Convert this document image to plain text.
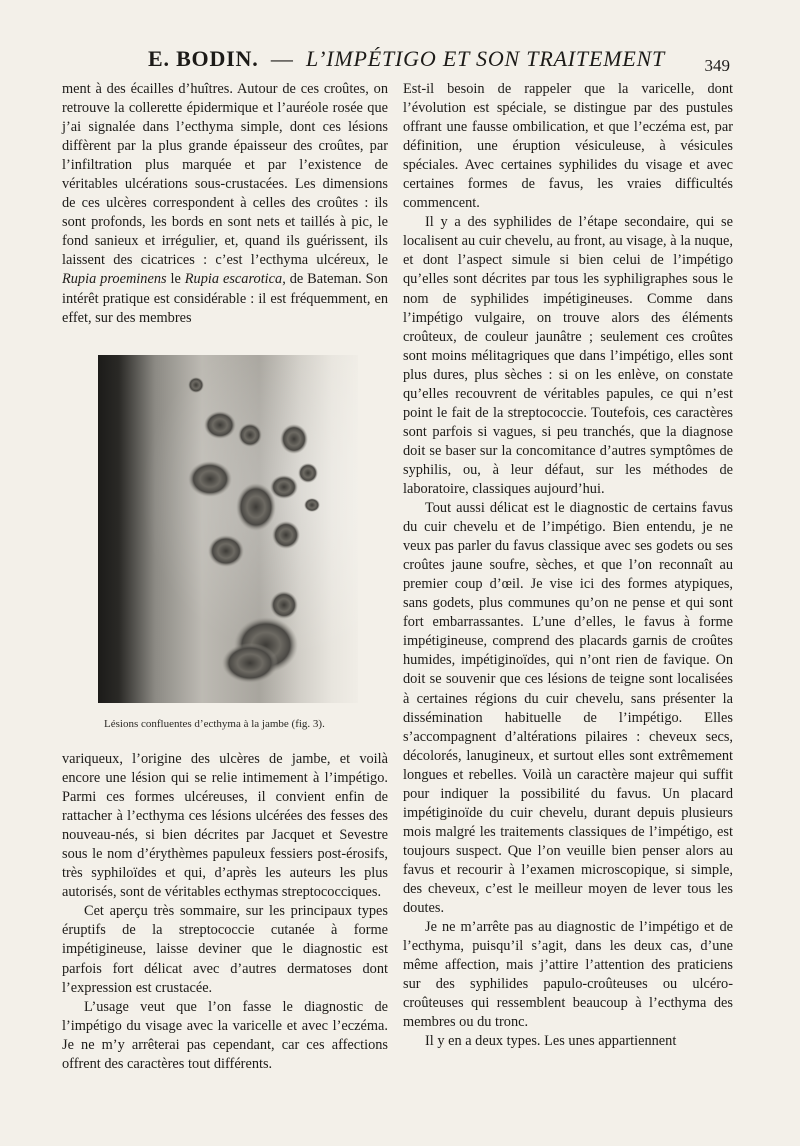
E. BODIN. — L’IMPÉTIGO ET SON TRAITEMENT 349

ment à des écailles d’huîtres. Autour de ces croûtes, on retrouve la collerette épidermique et l’auréole rosée que j’ai signalée dans l’ecthyma simple, dont ces lésions diffèrent par la plus grande épaisseur des croûtes, par l’infiltration plus marquée et par l’existence de véritables ulcérations sous-crustacées. Les dimensions de ces ulcères correspondent à celles des croûtes : ils sont profonds, les bords en sont nets et taillés à pic, le fond sanieux et irrégulier, et, quand ils guérissent, ils laissent des cicatrices : c’est l’ecthyma ulcéreux, le Rupia proeminens le Rupia escarotica, de Bateman. Son intérêt pratique est considérable : il est fréquemment, en effet, sur des membres

Lésions confluentes d’ecthyma à la jambe (fig. 3).

variqueux, l’origine des ulcères de jambe, et voilà encore une lésion qui se relie intimement à l’impétigo. Parmi ces formes ulcéreuses, il convient enfin de rattacher à l’ecthyma ces lésions ulcérées des fesses des nouveau-nés, si bien décrites par Jacquet et Sevestre sous le nom d’érythèmes papuleux fessiers post-érosifs, très syphiloïdes et qui, d’après les auteurs les plus autorisés, sont de véritables ecthymas streptococciques.

Cet aperçu très sommaire, sur les principaux types éruptifs de la streptococcie cutanée à forme impétigineuse, laisse deviner que le diagnostic est parfois fort délicat avec d’autres dermatoses dont l’expression est crustacée.

L’usage veut que l’on fasse le diagnostic de l’impétigo du visage avec la varicelle et avec l’eczéma. Je ne m’y arrêterai pas cependant, car ces affections offrent des caractères tout différents.

Est-il besoin de rappeler que la varicelle, dont l’évolution est spéciale, se distingue par des pustules offrant une fausse ombilication, et que l’eczéma est, par définition, une éruption vésiculeuse, à vésicules spéciales. Avec certaines syphilides du visage et avec certaines formes de favus, les vraies difficultés commencent.

Il y a des syphilides de l’étape secondaire, qui se localisent au cuir chevelu, au front, au visage, à la nuque, et dont l’aspect simule si bien celui de l’impétigo qu’elles sont décrites par tous les syphiligraphes sous le nom de syphilides impétigineuses. Comme dans l’impétigo vulgaire, on trouve alors des éléments croûteux, de couleur jaunâtre ; seulement ces croûtes sont moins mélitagriques que dans l’impétigo, elles sont plus dures, plus sèches : si on les enlève, on constate qu’elles recouvrent de véritables papules, ce qui n’est point le fait de la streptococcie. Toutefois, ces caractères sont parfois si vagues, si peu tranchés, que la diagnose doit se baser sur la concomitance d’autres symptômes de syphilis, ou, à leur défaut, sur les méthodes de laboratoire, classiques aujourd’hui.

Tout aussi délicat est le diagnostic de certains favus du cuir chevelu et de l’impétigo. Bien entendu, je ne veux pas parler du favus classique avec ses godets ou ses croûtes jaune soufre, sèches, et que l’on reconnaît au premier coup d’œil. Je vise ici des formes atypiques, sans godets, plus communes qu’on ne pense et qui sont fort embarrassantes. L’une d’elles, le favus à forme impétigineuse, comprend des placards garnis de croûtes humides, impétiginoïdes, qui n’ont rien de favique. On doit se souvenir que ces lésions de teigne sont localisées à certaines régions du cuir chevelu, sans présenter la dissémination habituelle de l’impétigo. Elles s’accompagnent d’altérations pilaires : cheveux secs, décolorés, lanugineux, et surtout elles sont extrêmement longues et rebelles. Voilà un caractère majeur qui suffit pour indiquer la possibilité du favus. Un placard impétiginoïde du cuir chevelu, durant depuis plusieurs mois malgré les traitements classiques de l’impétigo, est toujours suspect. Que l’on veuille bien penser alors au favus et recourir à l’examen microscopique, si simple, des cheveux, c’est le meilleur moyen de lever tous les doutes.

Je ne m’arrête pas au diagnostic de l’impétigo et de l’ecthyma, puisqu’il s’agit, dans les deux cas, d’une même affection, mais j’attire l’attention des praticiens sur des syphilides papulo-croûteuses ou ulcéro-croûteuses qui ressemblent beaucoup à l’ecthyma des membres ou du tronc.

Il y en a deux types. Les unes appartiennent
